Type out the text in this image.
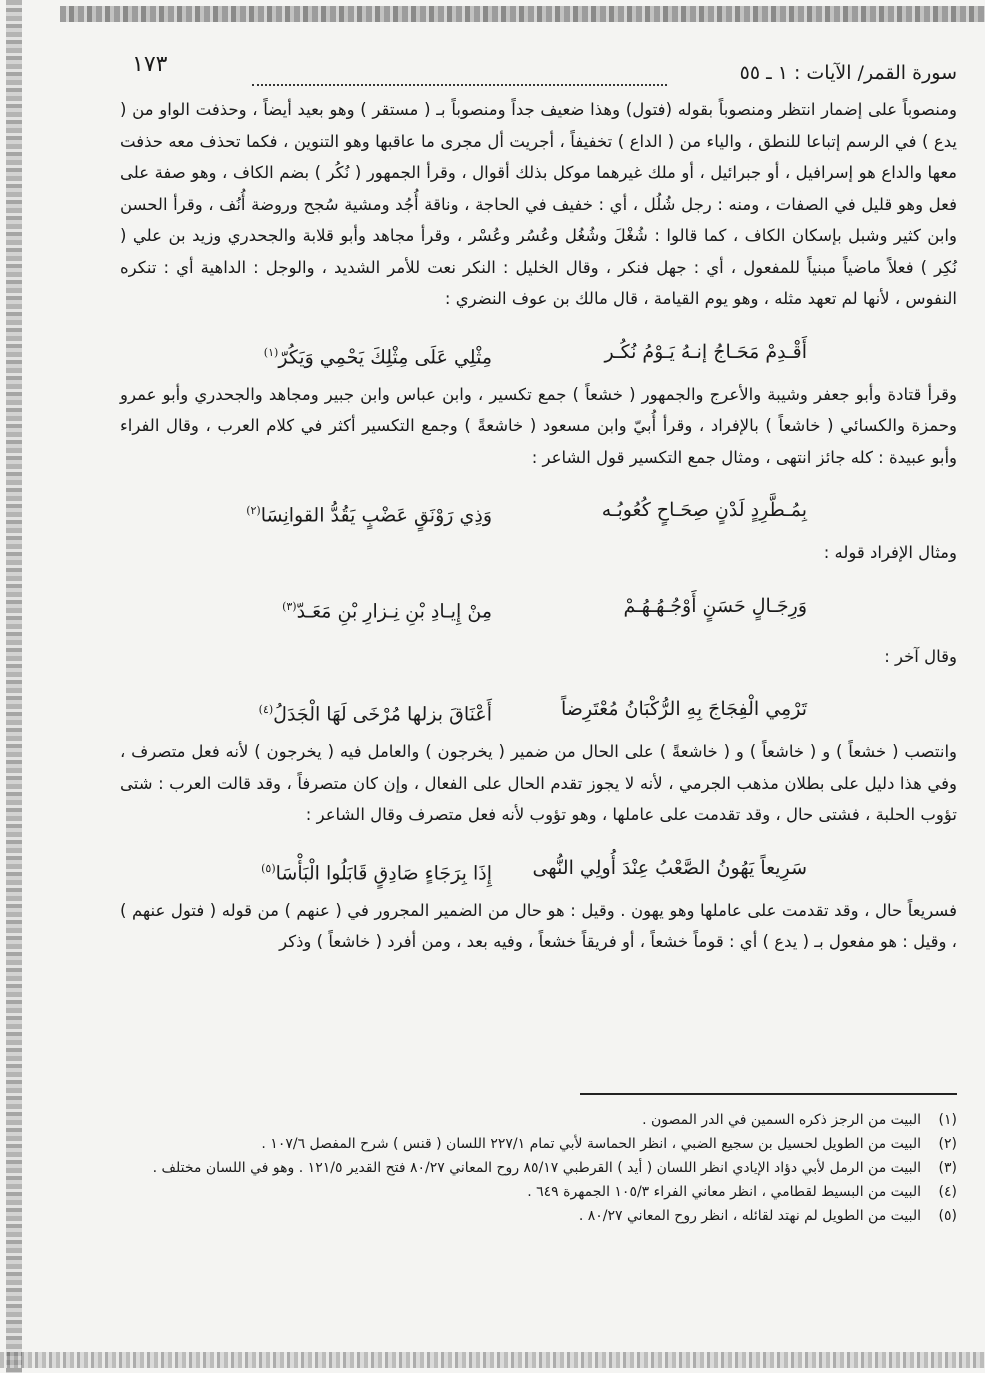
سورة القمر/ الآيات : ١ ـ ٥٥
١٧٣

ومنصوباً على إضمار انتظر ومنصوباً بقوله (فتول) وهذا ضعيف جداً ومنصوباً بـ ( مستقر ) وهو بعيد أيضاً ، وحذفت الواو من ( يدع ) في الرسم إتباعا للنطق ، والياء من ( الداع ) تخفيفاً ، أجريت أل مجرى ما عاقبها وهو التنوين ، فكما تحذف معه حذفت معها والداع هو إسرافيل ، أو جبرائيل ، أو ملك غيرهما موكل بذلك أقوال ، وقرأ الجمهور ( نُكُر ) بضم الكاف ، وهو صفة على فعل وهو قليل في الصفات ، ومنه : رجل شُلُل ، أي : خفيف في الحاجة ، وناقة أُجُد ومشية سُجح وروضة أُنُف ، وقرأ الحسن وابن كثير وشبل بإسكان الكاف ، كما قالوا : شُغْلَ وشُغُل وعُسُر وعُسْر ، وقرأ مجاهد وأبو قلابة والجحدري وزيد بن علي ( نُكِر ) فعلاً ماضياً مبنياً للمفعول ، أي : جهل فنكر ، وقال الخليل : النكر نعت للأمر الشديد ، والوجل : الداهية أي : تنكره النفوس ، لأنها لم تعهد مثله ، وهو يوم القيامة ، قال مالك بن عوف النضري :

أَقْـدِمْ مَحَـاجُ إنـهُ يَـوْمُ نُكُـر
مِثْلِي عَلَى مِثْلِكَ يَحْمِي وَيَكُرّ$^{(١)}$

وقرأ قتادة وأبو جعفر وشيبة والأعرج والجمهور ( خشعاً ) جمع تكسير ، وابن عباس وابن جبير ومجاهد والجحدري وأبو عمرو وحمزة والكسائي ( خاشعاً ) بالإفراد ، وقرأ أُبيّ وابن مسعود ( خاشعةً ) وجمع التكسير أكثر في كلام العرب ، وقال الفراء وأبو عبيدة : كله جائز انتهى ، ومثال جمع التكسير قول الشاعر :

بِمُـطَّرِدٍ لَدْنٍ صِحَـاحٍ كُعُوبُـه
وَذِي رَوْنَقٍ عَضْبٍ يَقُدُّ القوانِسَا$^{(٢)}$

ومثال الإفراد قوله :

وَرِجَـالٍ حَسَنٍ أَوْجُـهُـهُـمْ
مِنْ إِيـادِ بْنِ نِـزارِ بْنِ مَعَـدّ$^{(٣)}$

وقال آخر :

تَرْمِي الْفِجَاجَ بِهِ الرُّكْبَانُ مُعْتَرِضاً
أَعْنَاقَ بزلها مُرْخَى لَهَا الْجَدَلُ$^{(٤)}$

وانتصب ( خشعاً ) و ( خاشعاً ) و ( خاشعةً ) على الحال من ضمير ( يخرجون ) والعامل فيه ( يخرجون ) لأنه فعل متصرف ، وفي هذا دليل على بطلان مذهب الجرمي ، لأنه لا يجوز تقدم الحال على الفعال ، وإن كان متصرفاً ، وقد قالت العرب : شتى تؤوب الحلبة ، فشتى حال ، وقد تقدمت على عاملها ، وهو تؤوب لأنه فعل متصرف وقال الشاعر :

سَرِيعاً يَهُونُ الصَّعْبُ عِنْدَ أُولِي النُّهى
إِذَا بِرَجَاءٍ صَادِقٍ قَابَلُوا الْبَأْسَا$^{(٥)}$

فسريعاً حال ، وقد تقدمت على عاملها وهو يهون . وقيل : هو حال من الضمير المجرور في ( عنهم ) من قوله ( فتول عنهم ) ، وقيل : هو مفعول بـ ( يدع ) أي : قوماً خشعاً ، أو فريقاً خشعاً ، وفيه بعد ، ومن أفرد ( خاشعاً ) وذكر

(١)
البيت من الرجز ذكره السمين في الدر المصون .
(٢)
البيت من الطويل لحسيل بن سجيع الضبي ، انظر الحماسة لأبي تمام ٢٢٧/١ اللسان ( قنس ) شرح المفصل ١٠٧/٦ .
(٣)
البيت من الرمل لأبي دؤاد الإيادي انظر اللسان ( أيد ) القرطبي ٨٥/١٧ روح المعاني ٨٠/٢٧ فتح القدير ١٢١/٥ . وهو في اللسان مختلف .
(٤)
البيت من البسيط لقطامي ، انظر معاني الفراء ١٠٥/٣ الجمهرة ٦٤٩ .
(٥)
البيت من الطويل لم نهتد لقائله ، انظر روح المعاني ٨٠/٢٧ .
